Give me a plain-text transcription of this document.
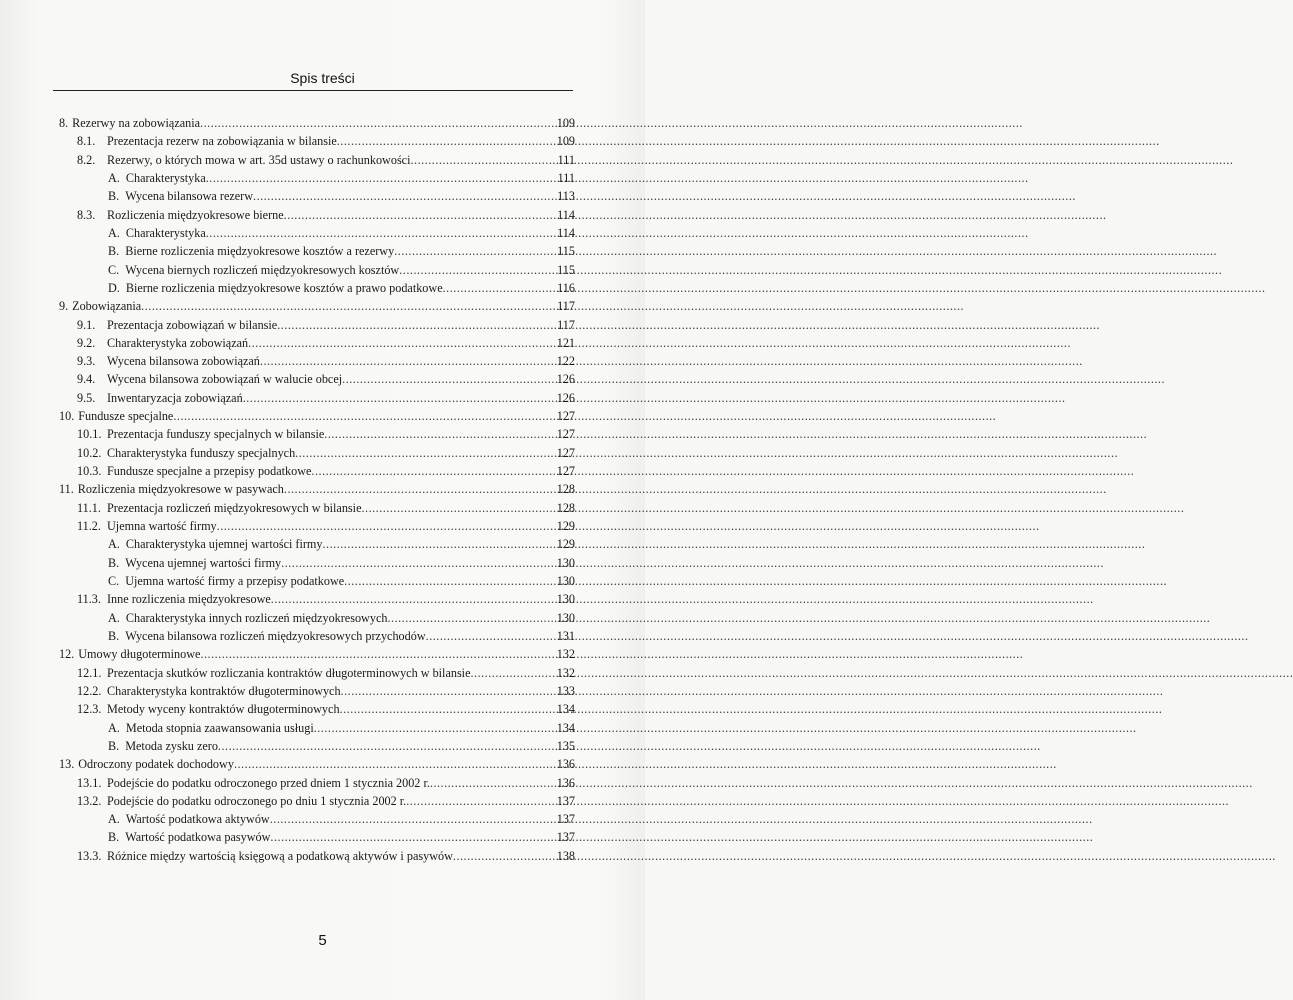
Spis treści
8. Rezerwy na zobowiązania .....	109
8.1. Prezentacja rezerw na zobowiązania w bilansie .....	109
8.2. Rezerwy, o których mowa w art. 35d ustawy o rachunkowości .....	111
A. Charakterystyka .....	111
B. Wycena bilansowa rezerw .....	113
8.3. Rozliczenia międzyokresowe bierne .....	114
A. Charakterystyka .....	114
B. Bierne rozliczenia międzyokresowe kosztów a rezerwy .....	115
C. Wycena biernych rozliczeń międzyokresowych kosztów .....	115
D. Bierne rozliczenia międzyokresowe kosztów a prawo podatkowe .....	116
9. Zobowiązania .....	117
9.1. Prezentacja zobowiązań w bilansie .....	117
9.2. Charakterystyka zobowiązań .....	121
9.3. Wycena bilansowa zobowiązań .....	122
9.4. Wycena bilansowa zobowiązań w walucie obcej .....	126
9.5. Inwentaryzacja zobowiązań .....	126
10. Fundusze specjalne .....	127
10.1. Prezentacja funduszy specjalnych w bilansie .....	127
10.2. Charakterystyka funduszy specjalnych .....	127
10.3. Fundusze specjalne a przepisy podatkowe .....	127
11. Rozliczenia międzyokresowe w pasywach .....	128
11.1. Prezentacja rozliczeń międzyokresowych w bilansie .....	128
11.2. Ujemna wartość firmy .....	129
A. Charakterystyka ujemnej wartości firmy .....	129
B. Wycena ujemnej wartości firmy .....	130
C. Ujemna wartość firmy a przepisy podatkowe .....	130
11.3. Inne rozliczenia międzyokresowe .....	130
A. Charakterystyka innych rozliczeń międzyokresowych .....	130
B. Wycena bilansowa rozliczeń międzyokresowych przychodów .....	131
12. Umowy długoterminowe .....	132
12.1. Prezentacja skutków rozliczania kontraktów długoterminowych w bilansie .....	132
12.2. Charakterystyka kontraktów długoterminowych .....	133
12.3. Metody wyceny kontraktów długoterminowych .....	134
A. Metoda stopnia zaawansowania usługi .....	134
B. Metoda zysku zero .....	135
13. Odroczony podatek dochodowy .....	136
13.1. Podejście do podatku odroczonego przed dniem 1 stycznia 2002 r. .....	136
13.2. Podejście do podatku odroczonego po dniu 1 stycznia 2002 r. .....	137
A. Wartość podatkowa aktywów .....	137
B. Wartość podatkowa pasywów .....	137
13.3. Różnice między wartością księgową a podatkową aktywów i pasywów .....	138
5
